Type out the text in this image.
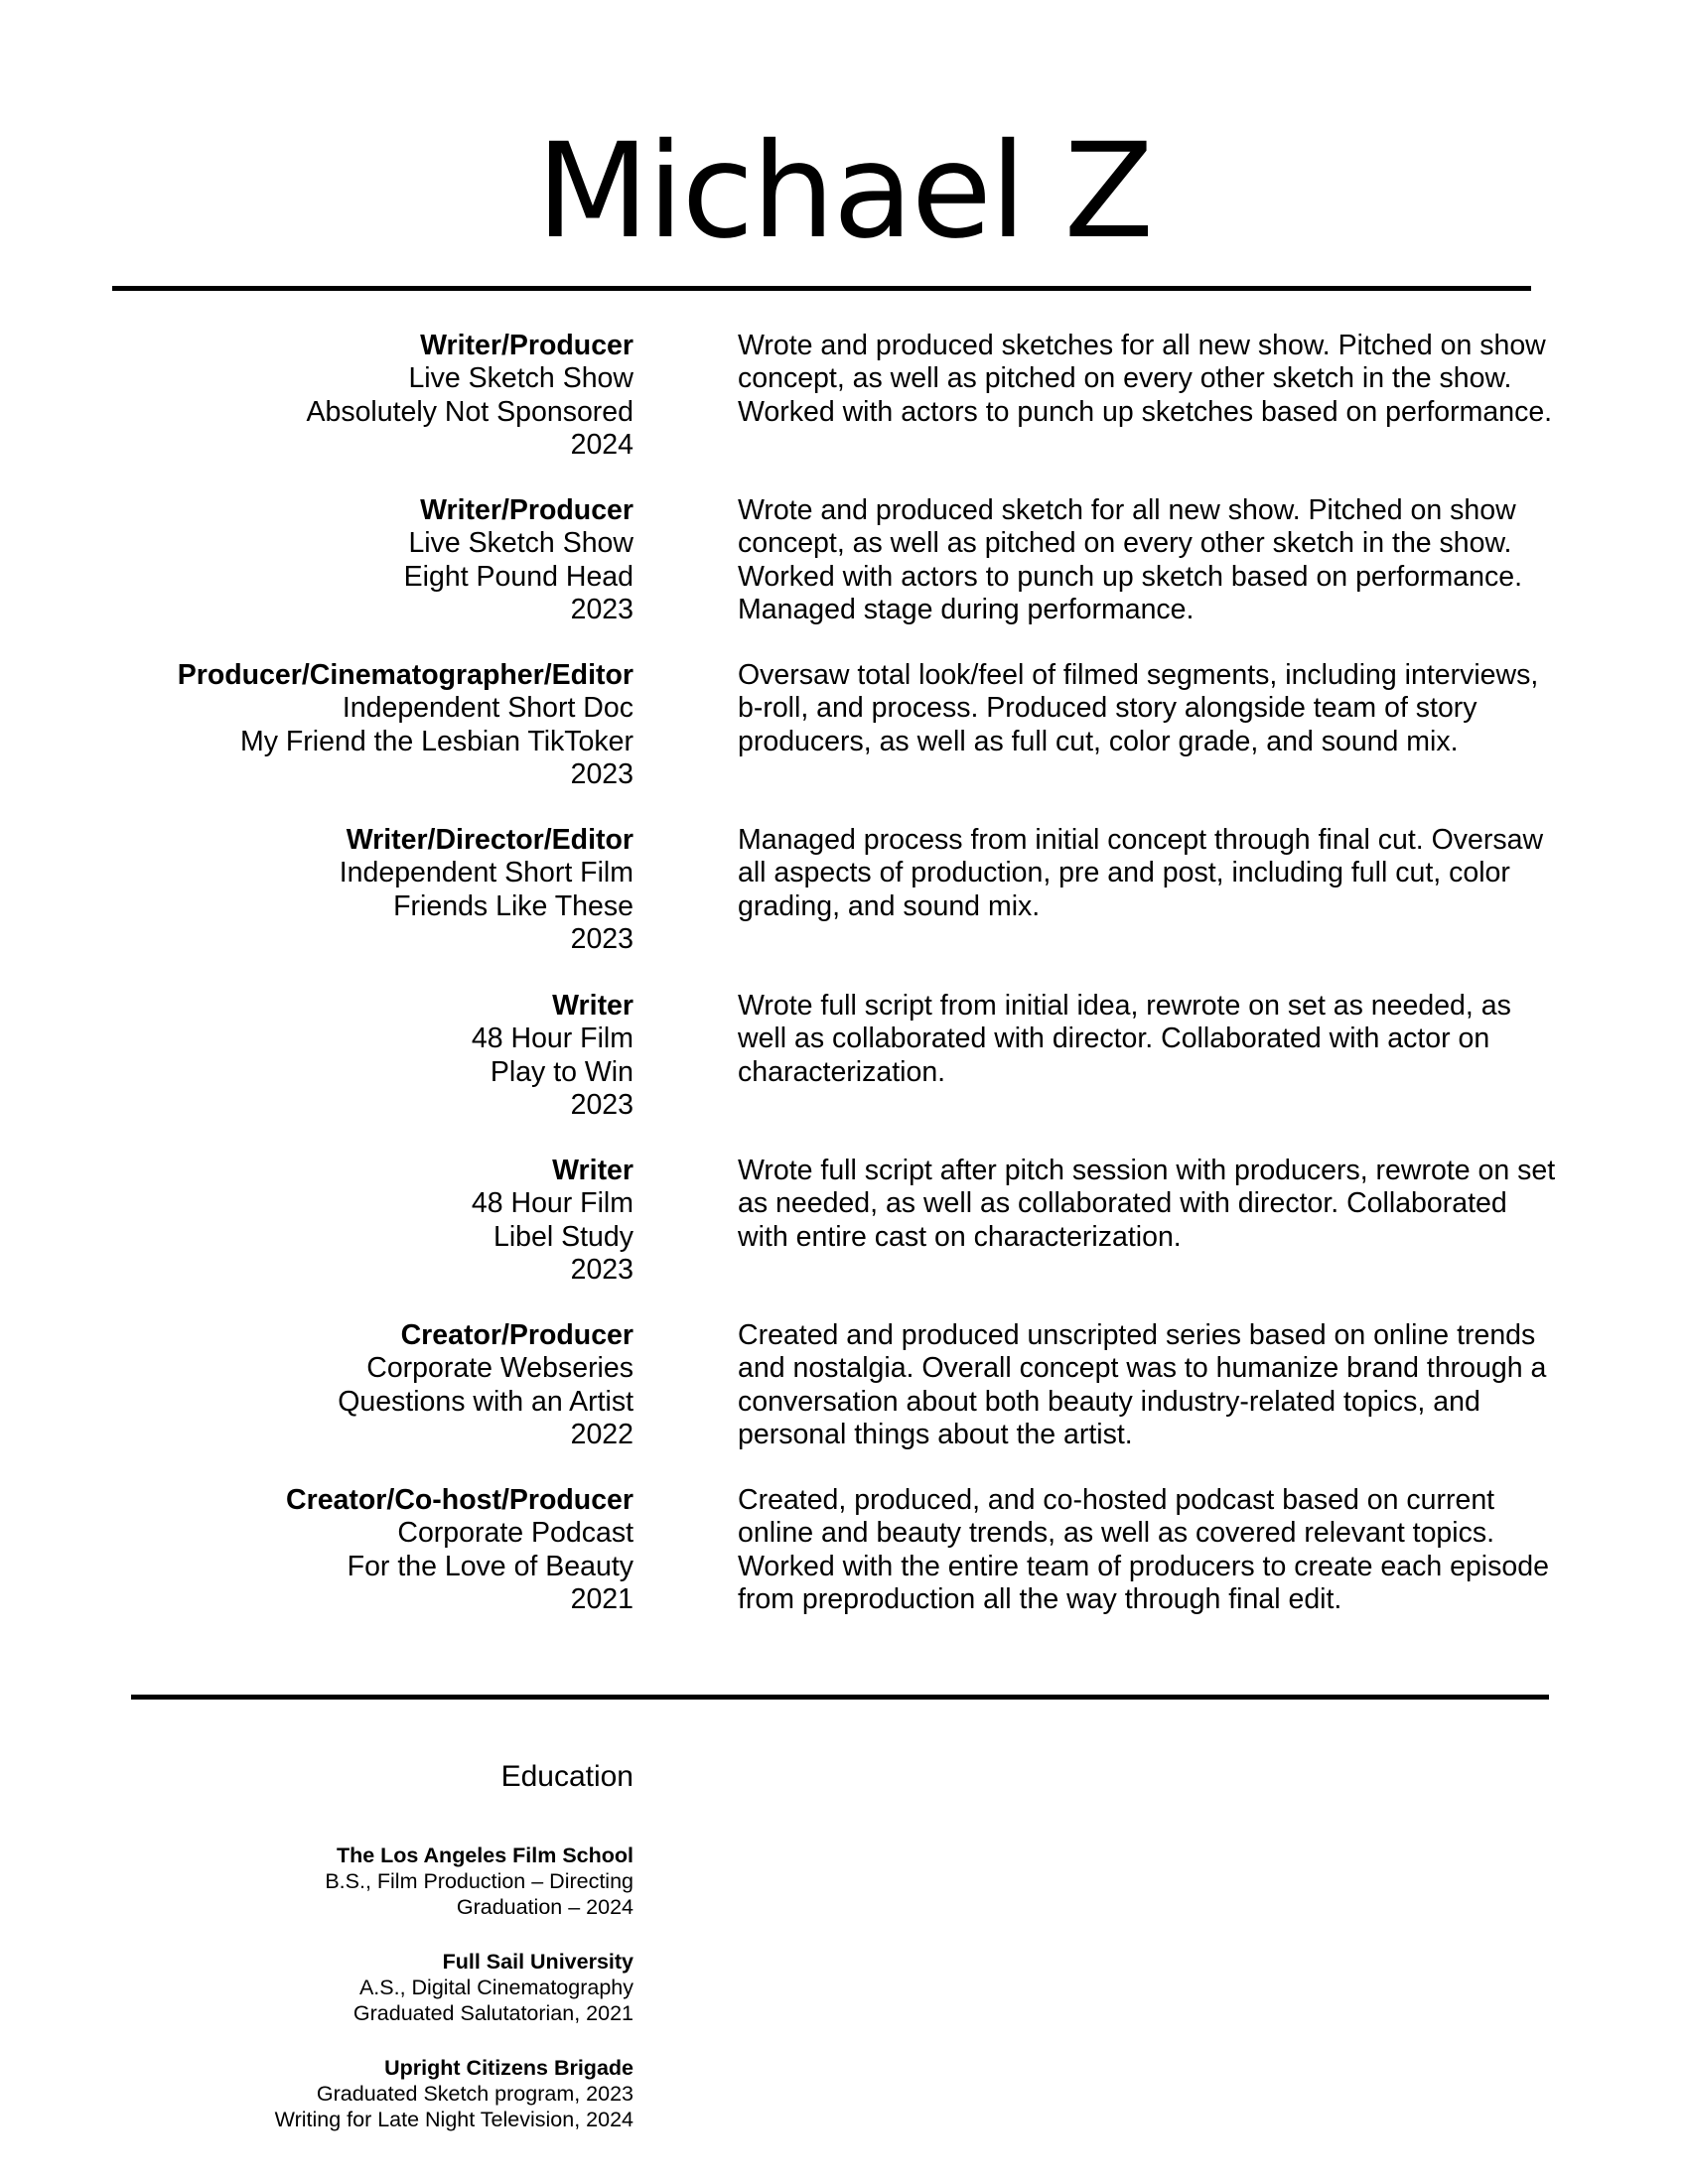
Michael Z
Writer/Producer
Live Sketch Show
Absolutely Not Sponsored
2024
Wrote and produced sketches for all new show. Pitched on show concept, as well as pitched on every other sketch in the show. Worked with actors to punch up sketches based on performance.
Writer/Producer
Live Sketch Show
Eight Pound Head
2023
Wrote and produced sketch for all new show. Pitched on show concept, as well as pitched on every other sketch in the show. Worked with actors to punch up sketch based on performance. Managed stage during performance.
Producer/Cinematographer/Editor
Independent Short Doc
My Friend the Lesbian TikToker
2023
Oversaw total look/feel of filmed segments, including interviews, b-roll, and process. Produced story alongside team of story producers, as well as full cut, color grade, and sound mix.
Writer/Director/Editor
Independent Short Film
Friends Like These
2023
Managed process from initial concept through final cut. Oversaw all aspects of production, pre and post, including full cut, color grading, and sound mix.
Writer
48 Hour Film
Play to Win
2023
Wrote full script from initial idea, rewrote on set as needed, as well as collaborated with director. Collaborated with actor on characterization.
Writer
48 Hour Film
Libel Study
2023
Wrote full script after pitch session with producers, rewrote on set as needed, as well as collaborated with director. Collaborated with entire cast on characterization.
Creator/Producer
Corporate Webseries
Questions with an Artist
2022
Created and produced unscripted series based on online trends and nostalgia. Overall concept was to humanize brand through a conversation about both beauty industry-related topics, and personal things about the artist.
Creator/Co-host/Producer
Corporate Podcast
For the Love of Beauty
2021
Created, produced, and co-hosted podcast based on current online and beauty trends, as well as covered relevant topics. Worked with the entire team of producers to create each episode from preproduction all the way through final edit.
Education
The Los Angeles Film School
B.S., Film Production – Directing
Graduation – 2024
Full Sail University
A.S., Digital Cinematography
Graduated Salutatorian, 2021
Upright Citizens Brigade
Graduated Sketch program, 2023
Writing for Late Night Television, 2024
